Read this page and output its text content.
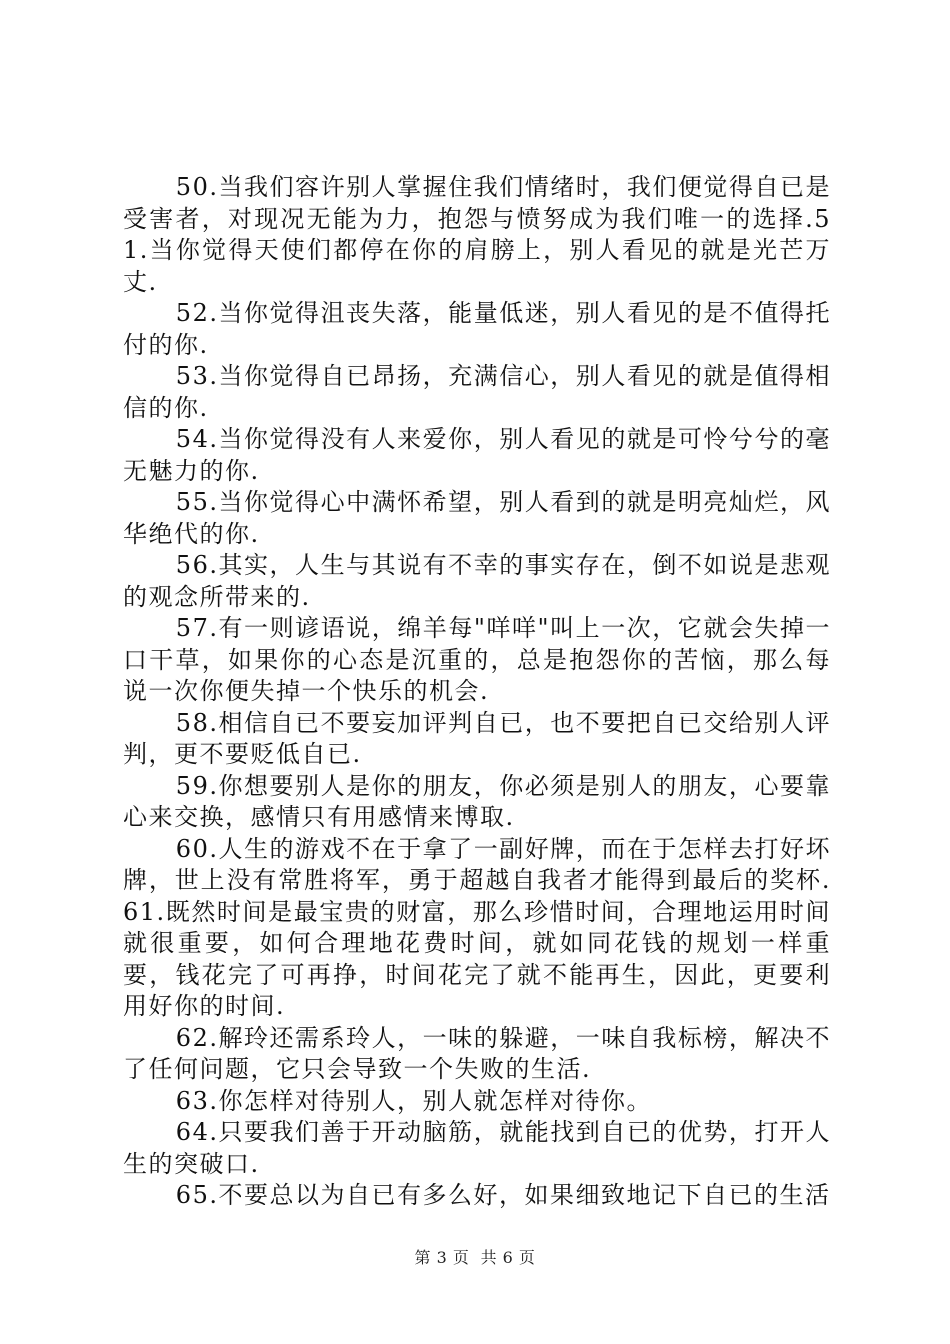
50.当我们容许别人掌握住我们情绪时，我们便觉得自已是受害者，对现况无能为力，抱怨与愤努成为我们唯一的选择.51.当你觉得天使们都停在你的肩膀上，别人看见的就是光芒万丈.

52.当你觉得沮丧失落，能量低迷，别人看见的是不值得托付的你.

53.当你觉得自已昂扬，充满信心，别人看见的就是值得相信的你.

54.当你觉得没有人来爱你，别人看见的就是可怜兮兮的毫无魅力的你.

55.当你觉得心中满怀希望，别人看到的就是明亮灿烂，风华绝代的你.

56.其实，人生与其说有不幸的事实存在，倒不如说是悲观的观念所带来的.

57.有一则谚语说，绵羊每"咩咩"叫上一次，它就会失掉一口干草，如果你的心态是沉重的，总是抱怨你的苦恼，那么每说一次你便失掉一个快乐的机会.

58.相信自已不要妄加评判自已，也不要把自已交给别人评判，更不要贬低自已.

59.你想要别人是你的朋友，你必须是别人的朋友，心要靠心来交换，感情只有用感情来博取.

60.人生的游戏不在于拿了一副好牌，而在于怎样去打好坏牌，世上没有常胜将军，勇于超越自我者才能得到最后的奖杯.61.既然时间是最宝贵的财富，那么珍惜时间，合理地运用时间就很重要，如何合理地花费时间，就如同花钱的规划一样重要，钱花完了可再挣，时间花完了就不能再生，因此，更要利用好你的时间.

62.解玲还需系玲人，一味的躲避，一味自我标榜，解决不了任何问题，它只会导致一个失败的生活.

63.你怎样对待别人，别人就怎样对待你。

64.只要我们善于开动脑筋，就能找到自已的优势，打开人生的突破口.

65.不要总以为自已有多么好，如果细致地记下自已的生活

第 3 页  共 6 页
